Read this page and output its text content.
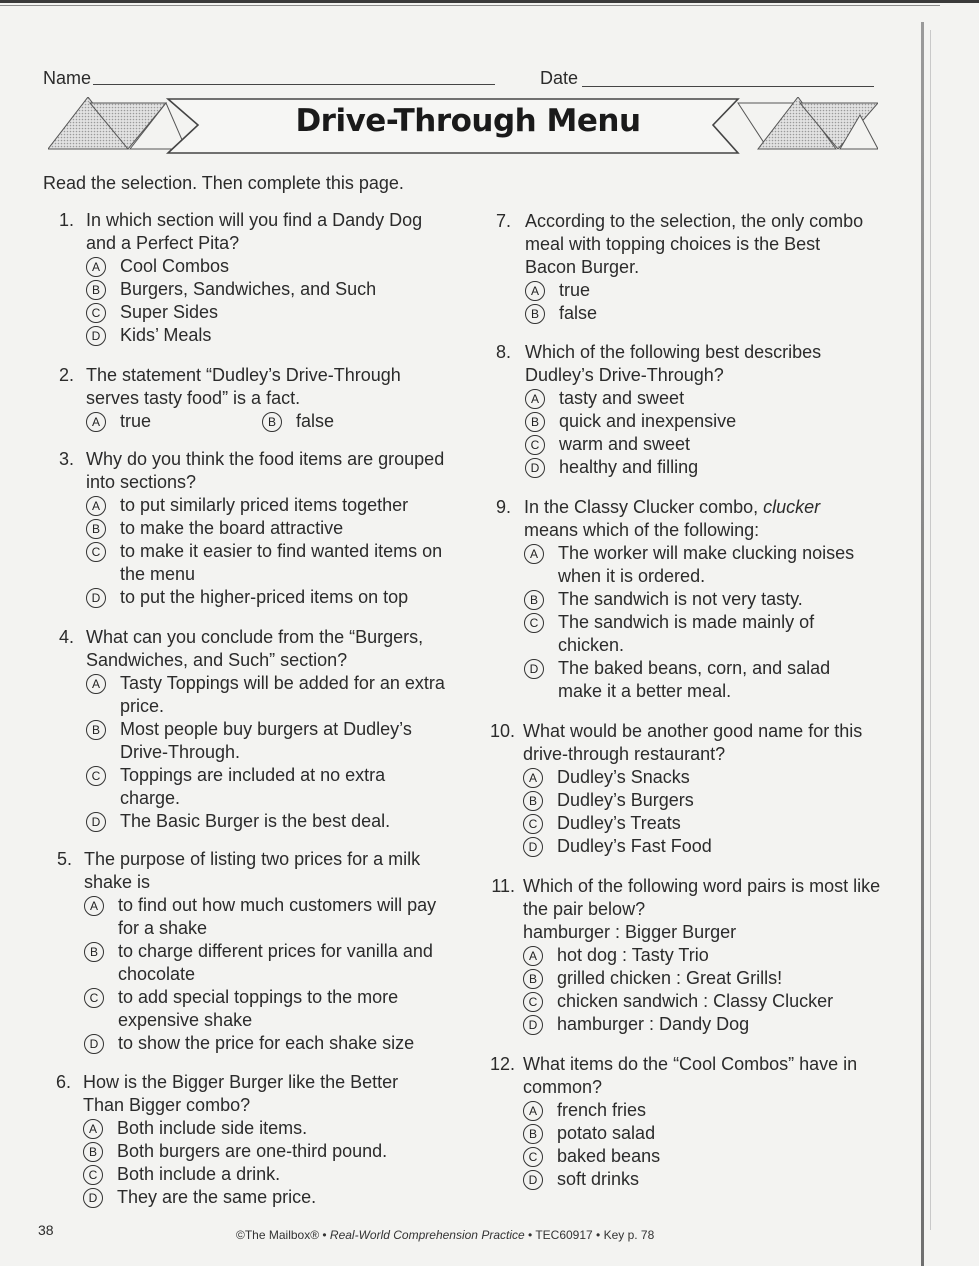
Name	Date
Drive-Through Menu
Read the selection. Then complete this page.
1. In which section will you find a Dandy Dog and a Perfect Pita?
A	Cool Combos
B	Burgers, Sandwiches, and Such
C	Super Sides
D	Kids’ Meals
2. The statement “Dudley’s Drive-Through serves tasty food” is a fact.
A	true	B	false
3. Why do you think the food items are grouped into sections?
A	to put similarly priced items together
B	to make the board attractive
C	to make it easier to find wanted items on the menu
D	to put the higher-priced items on top
4. What can you conclude from the “Burgers, Sandwiches, and Such” section?
A	Tasty Toppings will be added for an extra price.
B	Most people buy burgers at Dudley’s Drive-Through.
C	Toppings are included at no extra charge.
D	The Basic Burger is the best deal.
5. The purpose of listing two prices for a milk shake is
A	to find out how much customers will pay for a shake
B	to charge different prices for vanilla and chocolate
C	to add special toppings to the more expensive shake
D	to show the price for each shake size
6. How is the Bigger Burger like the Better Than Bigger combo?
A	Both include side items.
B	Both burgers are one-third pound.
C	Both include a drink.
D	They are the same price.
7. According to the selection, the only combo meal with topping choices is the Best Bacon Burger.
A	true
B	false
8. Which of the following best describes Dudley’s Drive-Through?
A	tasty and sweet
B	quick and inexpensive
C	warm and sweet
D	healthy and filling
9. In the Classy Clucker combo, clucker means which of the following:
A	The worker will make clucking noises when it is ordered.
B	The sandwich is not very tasty.
C	The sandwich is made mainly of chicken.
D	The baked beans, corn, and salad make it a better meal.
10. What would be another good name for this drive-through restaurant?
A	Dudley’s Snacks
B	Dudley’s Burgers
C	Dudley’s Treats
D	Dudley’s Fast Food
11. Which of the following word pairs is most like the pair below?
hamburger : Bigger Burger
A	hot dog : Tasty Trio
B	grilled chicken : Great Grills!
C	chicken sandwich : Classy Clucker
D	hamburger : Dandy Dog
12. What items do the “Cool Combos” have in common?
A	french fries
B	potato salad
C	baked beans
D	soft drinks
38	©The Mailbox® • Real-World Comprehension Practice • TEC60917 • Key p. 78
